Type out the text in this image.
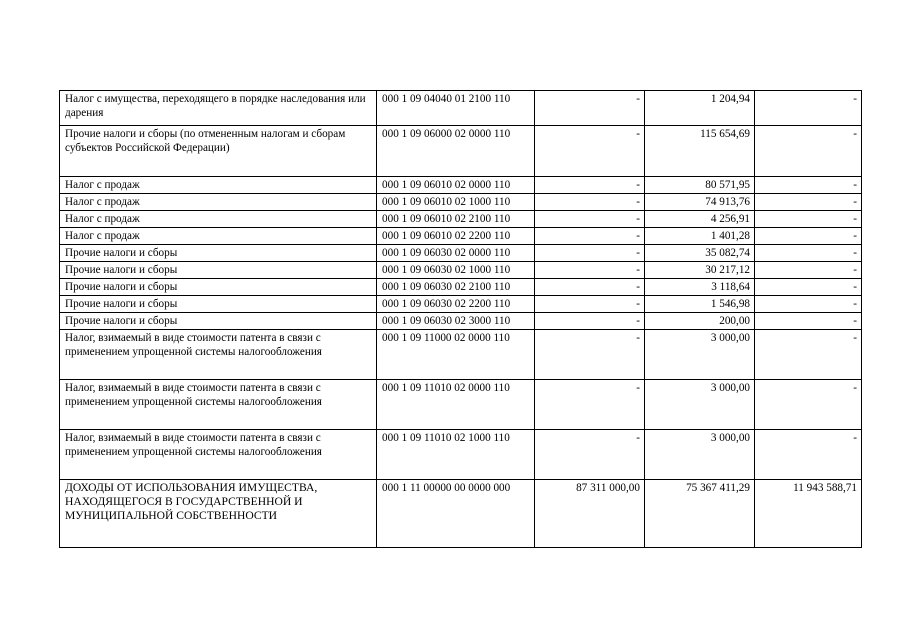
Налог с имущества, переходящего в порядке наследования или дарения	000 1 09 04040 01 2100 110	-	1 204,94	-
Прочие налоги и сборы (по отмененным налогам и сборам субъектов Российской Федерации)	000 1 09 06000 02 0000 110	-	115 654,69	-
Налог с продаж	000 1 09 06010 02 0000 110	-	80 571,95	-
Налог с продаж	000 1 09 06010 02 1000 110	-	74 913,76	-
Налог с продаж	000 1 09 06010 02 2100 110	-	4 256,91	-
Налог с продаж	000 1 09 06010 02 2200 110	-	1 401,28	-
Прочие налоги и сборы	000 1 09 06030 02 0000 110	-	35 082,74	-
Прочие налоги и сборы	000 1 09 06030 02 1000 110	-	30 217,12	-
Прочие налоги и сборы	000 1 09 06030 02 2100 110	-	3 118,64	-
Прочие налоги и сборы	000 1 09 06030 02 2200 110	-	1 546,98	-
Прочие налоги и сборы	000 1 09 06030 02 3000 110	-	200,00	-
Налог, взимаемый в виде стоимости патента в связи с применением упрощенной системы налогообложения	000 1 09 11000 02 0000 110	-	3 000,00	-
Налог, взимаемый в виде стоимости патента в связи с применением упрощенной системы налогообложения	000 1 09 11010 02 0000 110	-	3 000,00	-
Налог, взимаемый в виде стоимости патента в связи с применением упрощенной системы налогообложения	000 1 09 11010 02 1000 110	-	3 000,00	-
ДОХОДЫ ОТ ИСПОЛЬЗОВАНИЯ ИМУЩЕСТВА, НАХОДЯЩЕГОСЯ В ГОСУДАРСТВЕННОЙ И МУНИЦИПАЛЬНОЙ СОБСТВЕННОСТИ	000 1 11 00000 00 0000 000	87 311 000,00	75 367 411,29	11 943 588,71
